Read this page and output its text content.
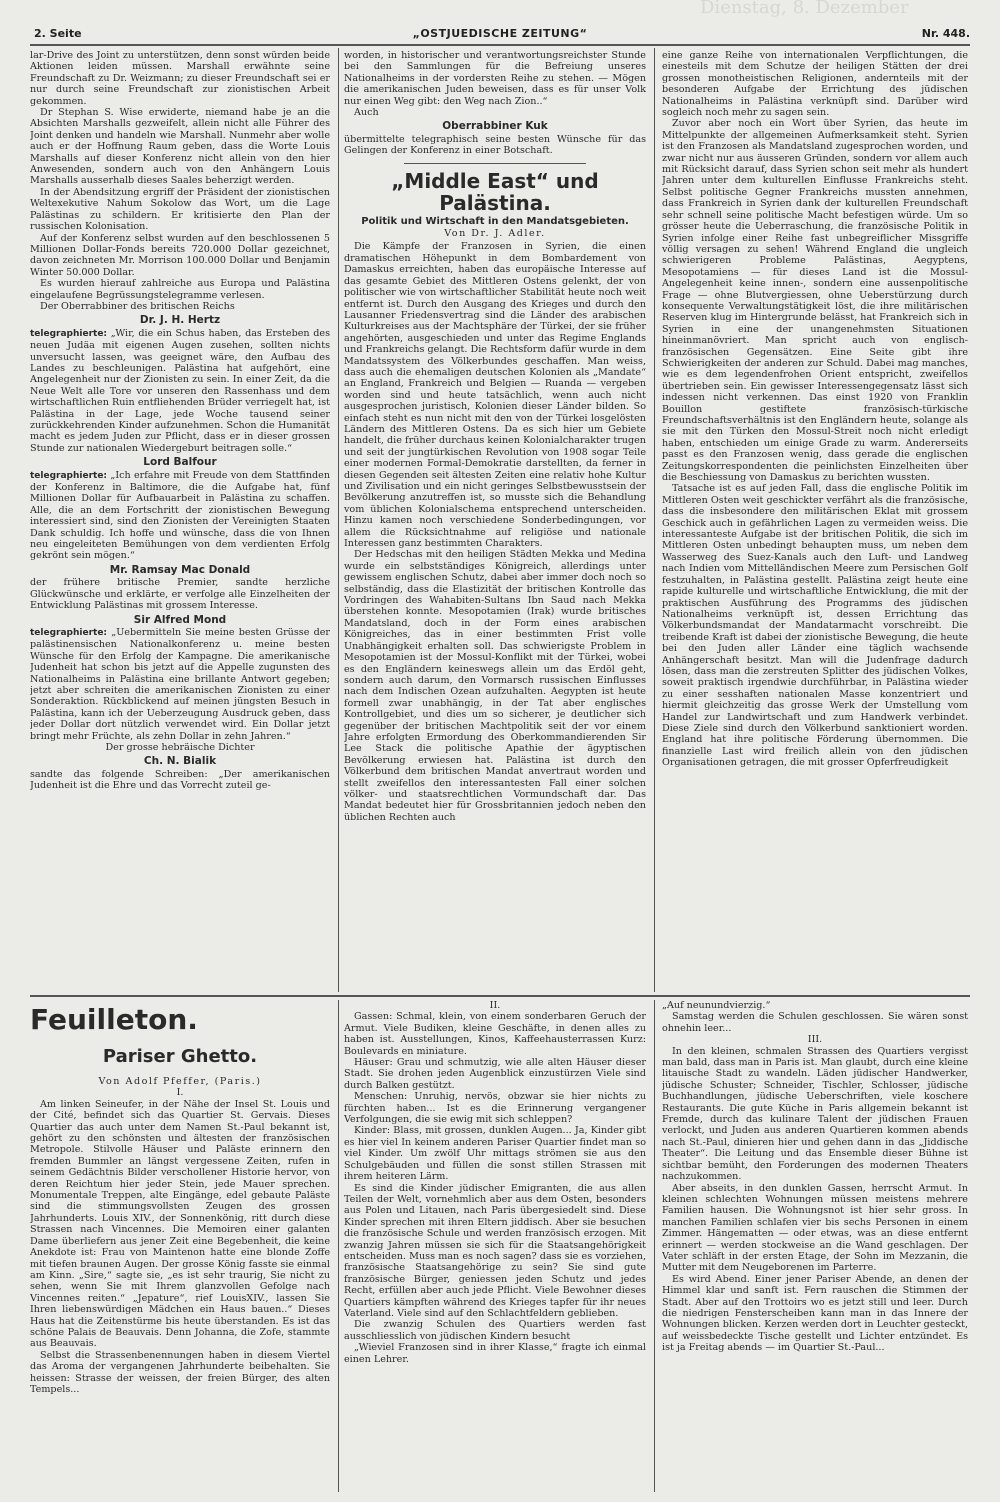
Dienstag, 8. Dezember
2. Seite	„OSTJUEDISCHE ZEITUNG“	Nr. 448.

lar-Drive des Joint zu unterstützen, denn sonst würden beide Aktionen leiden müssen. Marshall erwähnte seine Freundschaft zu Dr. Weizmann; zu dieser Freundschaft sei er nur durch seine Freundschaft zur zionistischen Arbeit gekommen.

Dr Stephan S. Wise erwiderte, niemand habe je an die Absichten Marshalls gezweifelt, allein nicht alle Führer des Joint denken und handeln wie Marshall. Nunmehr aber wolle auch er der Hoffnung Raum geben, dass die Worte Louis Marshalls auf dieser Konferenz nicht allein von den hier Anwesenden, sondern auch von den Anhängern Louis Marshalls ausserhalb dieses Saales beherzigt werden.

In der Abendsitzung ergriff der Präsident der zionistischen Weltexekutive Nahum Sokolow das Wort, um die Lage Palästinas zu schildern. Er kritisierte den Plan der russischen Kolonisation.

Auf der Konferenz selbst wurden auf den beschlossenen 5 Millionen Dollar-Fonds bereits 720.000 Dollar gezeichnet, davon zeichneten Mr. Morrison 100.000 Dollar und Benjamin Winter 50.000 Dollar.

Es wurden hierauf zahlreiche aus Europa und Palästina eingelaufene Begrüssungstelegramme verlesen.

Der Oberrabbiner des britischen Reichs

Dr. J. H. Hertz

telegraphierte: „Wir, die ein Schus haben, das Ersteben des neuen Judäa mit eigenen Augen zusehen, sollten nichts unversucht lassen, was geeignet wäre, den Aufbau des Landes zu beschleunigen. Palästina hat aufgehört, eine Angelegenheit nur der Zionisten zu sein. In einer Zeit, da die Neue Welt alle Tore vor unseren den Rassenhass und dem wirtschaftlichen Ruin entfliehenden Brüder verriegelt hat, ist Palästina in der Lage, jede Woche tausend seiner zurückkehrenden Kinder aufzunehmen. Schon die Humanität macht es jedem Juden zur Pflicht, dass er in dieser grossen Stunde zur nationalen Wiedergeburt beitragen solle.“

Lord Balfour

telegraphierte: „Ich erfahre mit Freude von dem Stattfinden der Konferenz in Baltimore, die die Aufgabe hat, fünf Millionen Dollar für Aufbauarbeit in Palästina zu schaffen. Alle, die an dem Fortschritt der zionistischen Bewegung interessiert sind, sind den Zionisten der Vereinigten Staaten Dank schuldig. Ich hoffe und wünsche, dass die von Ihnen neu eingeleiteten Bemühungen von dem verdienten Erfolg gekrönt sein mögen.“

Mr. Ramsay Mac Donald

der frühere britische Premier, sandte herzliche Glückwünsche und erklärte, er verfolge alle Einzelheiten der Entwicklung Palästinas mit grossem Interesse.

Sir Alfred Mond

telegraphierte: „Uebermitteln Sie meine besten Grüsse der palästinensischen Nationalkonferenz u. meine besten Wünsche für den Erfolg der Kampagne. Die amerikanische Judenheit hat schon bis jetzt auf die Appelle zugunsten des Nationalheims in Palästina eine brillante Antwort gegeben; jetzt aber schreiten die amerikanischen Zionisten zu einer Sonderaktion. Rückblickend auf meinen jüngsten Besuch in Palästina, kann ich der Ueberzeugung Ausdruck geben, dass jeder Dollar dort nützlich verwendet wird. Ein Dollar jetzt bringt mehr Früchte, als zehn Dollar in zehn Jahren.“

Der grosse hebräische Dichter

Ch. N. Bialik

sandte das folgende Schreiben: „Der amerikanischen Judenheit ist die Ehre und das Vorrecht zuteil ge-

worden, in historischer und verantwortungsreichster Stunde bei den Sammlungen für die Befreiung unseres Nationalheims in der vordersten Reihe zu stehen. — Mögen die amerikanischen Juden beweisen, dass es für unser Volk nur einen Weg gibt: den Weg nach Zion..“

Auch

Oberrabbiner Kuk

übermittelte telegraphisch seine besten Wünsche für das Gelingen der Konferenz in einer Botschaft.

„Middle East“ und Palästina.
Politik und Wirtschaft in den Mandatsgebieten.
Von Dr. J. Adler.

Die Kämpfe der Franzosen in Syrien, die einen dramatischen Höhepunkt in dem Bombardement von Damaskus erreichten, haben das europäische Interesse auf das gesamte Gebiet des Mittleren Ostens gelenkt, der von politischer wie von wirtschaftlicher Stabilität heute noch weit entfernt ist. Durch den Ausgang des Krieges und durch den Lausanner Friedensvertrag sind die Länder des arabischen Kulturkreises aus der Machtsphäre der Türkei, der sie früher angehörten, ausgeschieden und unter das Regime Englands und Frankreichs gelangt. Die Rechtsform dafür wurde in dem Mandatssystem des Völkerbundes geschaffen. Man weiss, dass auch die ehemaligen deutschen Kolonien als „Mandate“ an England, Frankreich und Belgien — Ruanda — vergeben worden sind und heute tatsächlich, wenn auch nicht ausgesprochen juristisch, Kolonien dieser Länder bilden. So einfach steht es nun nicht mit den von der Türkei losgelösten Ländern des Mittleren Ostens. Da es sich hier um Gebiete handelt, die früher durchaus keinen Kolonialcharakter trugen und seit der jungtürkischen Revolution von 1908 sogar Teile einer modernen Formal-Demokratie darstellten, da ferner in diesen Gegenden seit ältesten Zeiten eine relativ hohe Kultur und Zivilisation und ein nicht geringes Selbstbewusstsein der Bevölkerung anzutreffen ist, so musste sich die Behandlung vom üblichen Kolonialschema entsprechend unterscheiden. Hinzu kamen noch verschiedene Sonderbedingungen, vor allem die Rücksichtnahme auf religiöse und nationale Interessen ganz bestimmten Charakters.

Der Hedschas mit den heiligen Städten Mekka und Medina wurde ein selbstständiges Königreich, allerdings unter gewissem englischen Schutz, dabei aber immer doch noch so selbständig, dass die Elastizität der britischen Kontrolle das Vordringen des Wahabiten-Sultans Ibn Saud nach Mekka überstehen konnte. Mesopotamien (Irak) wurde britisches Mandatsland, doch in der Form eines arabischen Königreiches, das in einer bestimmten Frist volle Unabhängigkeit erhalten soll. Das schwierigste Problem in Mesopotamien ist der Mossul-Konflikt mit der Türkei, wobei es den Engländern keineswegs allein um das Erdöl geht, sondern auch darum, den Vormarsch russischen Einflusses nach dem Indischen Ozean aufzuhalten. Aegypten ist heute formell zwar unabhängig, in der Tat aber englisches Kontrollgebiet, und dies um so sicherer, je deutlicher sich gegenüber der britischen Machtpolitik seit der vor einem Jahre erfolgten Ermordung des Oberkommandierenden Sir Lee Stack die politische Apathie der ägyptischen Bevölkerung erwiesen hat. Palästina ist durch den Völkerbund dem britischen Mandat anvertraut worden und stellt zweifellos den interessantesten Fall einer solchen völker- und staatsrechtlichen Vormundschaft dar. Das Mandat bedeutet hier für Grossbritannien jedoch neben den üblichen Rechten auch

eine ganze Reihe von internationalen Verpflichtungen, die einesteils mit dem Schutze der heiligen Stätten der drei grossen monotheistischen Religionen, andernteils mit der besonderen Aufgabe der Errichtung des jüdischen Nationalheims in Palästina verknüpft sind. Darüber wird sogleich noch mehr zu sagen sein.

Zuvor aber noch ein Wort über Syrien, das heute im Mittelpunkte der allgemeinen Aufmerksamkeit steht. Syrien ist den Franzosen als Mandatsland zugesprochen worden, und zwar nicht nur aus äusseren Gründen, sondern vor allem auch mit Rücksicht darauf, dass Syrien schon seit mehr als hundert Jahren unter dem kulturellen Einflusse Frankreichs steht. Selbst politische Gegner Frankreichs mussten annehmen, dass Frankreich in Syrien dank der kulturellen Freundschaft sehr schnell seine politische Macht befestigen würde. Um so grösser heute die Ueberraschung, die französische Politik in Syrien infolge einer Reihe fast unbegreiflicher Missgriffe völlig versagen zu sehen! Während England die ungleich schwierigeren Probleme Palästinas, Aegyptens, Mesopotamiens — für dieses Land ist die Mossul-Angelegenheit keine innen-, sondern eine aussenpolitische Frage — ohne Blutvergiessen, ohne Ueberstürzung durch konsequente Verwaltungstätigkeit löst, die ihre militärischen Reserven klug im Hintergrunde belässt, hat Frankreich sich in Syrien in eine der unangenehmsten Situationen hineinmanövriert. Man spricht auch von englisch-französischen Gegensätzen. Eine Seite gibt ihre Schwierigkeiten der anderen zur Schuld. Dabei mag manches, wie es dem legendenfrohen Orient entspricht, zweifellos übertrieben sein. Ein gewisser Interessengegensatz lässt sich indessen nicht verkennen. Das einst 1920 von Franklin Bouillon gestiftete französisch-türkische Freundschaftsverhältnis ist den Engländern heute, solange als sie mit den Türken den Mossul-Streit noch nicht erledigt haben, entschieden um einige Grade zu warm. Andererseits passt es den Franzosen wenig, dass gerade die englischen Zeitungskorrespondenten die peinlichsten Einzelheiten über die Beschiessung von Damaskus zu berichten wussten.

Tatsache ist es auf jeden Fall, dass die englische Politik im Mittleren Osten weit geschickter verfährt als die französische, dass die insbesondere den militärischen Eklat mit grossem Geschick auch in gefährlichen Lagen zu vermeiden weiss. Die interessanteste Aufgabe ist der britischen Politik, die sich im Mittleren Osten unbedingt behaupten muss, um neben dem Wasserweg des Suez-Kanals auch den Luft- und Landweg nach Indien vom Mittelländischen Meere zum Persischen Golf festzuhalten, in Palästina gestellt. Palästina zeigt heute eine rapide kulturelle und wirtschaftliche Entwicklung, die mit der praktischen Ausführung des Programms des jüdischen Nationalheims verknüpft ist, dessen Errichtung das Völkerbundsmandat der Mandatarmacht vorschreibt. Die treibende Kraft ist dabei der zionistische Bewegung, die heute bei den Juden aller Länder eine täglich wachsende Anhängerschaft besitzt. Man will die Judenfrage dadurch lösen, dass man die zerstreuten Splitter des jüdischen Volkes, soweit praktisch irgendwie durchführbar, in Palästina wieder zu einer sesshaften nationalen Masse konzentriert und hiermit gleichzeitig das grosse Werk der Umstellung vom Handel zur Landwirtschaft und zum Handwerk verbindet. Diese Ziele sind durch den Völkerbund sanktioniert worden. England hat ihre politische Förderung übernommen. Die finanzielle Last wird freilich allein von den jüdischen Organisationen getragen, die mit grosser Opferfreudigkeit

Feuilleton.
Pariser Ghetto.

Von Adolf Pfeffer, (Paris.)

I.

Am linken Seineufer, in der Nähe der Insel St. Louis und der Cité, befindet sich das Quartier St. Gervais. Dieses Quartier das auch unter dem Namen St.-Paul bekannt ist, gehört zu den schönsten und ältesten der französischen Metropole. Stilvolle Häuser und Paläste erinnern den fremden Bummler an längst vergessene Zeiten, rufen in seinem Gedächtnis Bilder verschollener Historie hervor, von deren Reichtum hier jeder Stein, jede Mauer sprechen. Monumentale Treppen, alte Eingänge, edel gebaute Paläste sind die stimmungsvollsten Zeugen des grossen Jahrhunderts. Louis XIV., der Sonnenkönig, ritt durch diese Strassen nach Vincennes. Die Memoiren einer galanten Dame überliefern aus jener Zeit eine Begebenheit, die keine Anekdote ist: Frau von Maintenon hatte eine blonde Zoffe mit tiefen braunen Augen. Der grosse König fasste sie einmal am Kinn. „Sire,“ sagte sie, „es ist sehr traurig, Sie nicht zu sehen, wenn Sie mit Ihrem glanzvollen Gefolge nach Vincennes reiten.“ „Jepature“, rief LouisXIV., lassen Sie Ihren liebenswürdigen Mädchen ein Haus bauen..“ Dieses Haus hat die Zeitenstürme bis heute überstanden. Es ist das schöne Palais de Beauvais. Denn Johanna, die Zofe, stammte aus Beauvais.

Selbst die Strassenbenennungen haben in diesem Viertel das Aroma der vergangenen Jahrhunderte beibehalten. Sie heissen: Strasse der weissen, der freien Bürger, des alten Tempels...

II.

Gassen: Schmal, klein, von einem sonderbaren Geruch der Armut. Viele Budiken, kleine Geschäfte, in denen alles zu haben ist. Ausstellungen, Kinos, Kaffeehausterrassen Kurz: Boulevards en miniature.

Häuser: Grau und schmutzig, wie alle alten Häuser dieser Stadt. Sie drohen jeden Augenblick einzustürzen Viele sind durch Balken gestützt.

Menschen: Unruhig, nervös, obzwar sie hier nichts zu fürchten haben... Ist es die Erinnerung vergangener Verfolgungen, die sie ewig mit sich schleppen?

Kinder: Blass, mit grossen, dunklen Augen... Ja, Kinder gibt es hier viel In keinem anderen Pariser Quartier findet man so viel Kinder. Um zwölf Uhr mittags strömen sie aus den Schulgebäuden und füllen die sonst stillen Strassen mit ihrem heiteren Lärm.

Es sind die Kinder jüdischer Emigranten, die aus allen Teilen der Welt, vornehmlich aber aus dem Osten, besonders aus Polen und Litauen, nach Paris übergesiedelt sind. Diese Kinder sprechen mit ihren Eltern jiddisch. Aber sie besuchen die französische Schule und werden französisch erzogen. Mit zwanzig Jahren müssen sie sich für die Staatsangehörigkeit entscheiden. Muss man es noch sagen? dass sie es vorziehen, französische Staatsangehörige zu sein? Sie sind gute französische Bürger, geniessen jeden Schutz und jedes Recht, erfüllen aber auch jede Pflicht. Viele Bewohner dieses Quartiers kämpften während des Krieges tapfer für ihr neues Vaterland. Viele sind auf den Schlachtfeldern geblieben.

Die zwanzig Schulen des Quartiers werden fast ausschliesslich von jüdischen Kindern besucht

„Wieviel Franzosen sind in ihrer Klasse,“ fragte ich einmal einen Lehrer.

„Auf neunundvierzig.“

Samstag werden die Schulen geschlossen. Sie wären sonst ohnehin leer...

III.

In den kleinen, schmalen Strassen des Quartiers vergisst man bald, dass man in Paris ist. Man glaubt, durch eine kleine litauische Stadt zu wandeln. Läden jüdischer Handwerker, jüdische Schuster; Schneider, Tischler, Schlosser, jüdische Buchhandlungen, jüdische Ueberschriften, viele koschere Restaurants. Die gute Küche in Paris allgemein bekannt ist Fremde, durch das kulinare Talent der jüdischen Frauen verlockt, und Juden aus anderen Quartieren kommen abends nach St.-Paul, dinieren hier und gehen dann in das „Jiddische Theater“. Die Leitung und das Ensemble dieser Bühne ist sichtbar bemüht, den Forderungen des modernen Theaters nachzukommen.

Aber abseits, in den dunklen Gassen, herrscht Armut. In kleinen schlechten Wohnungen müssen meistens mehrere Familien hausen. Die Wohnungsnot ist hier sehr gross. In manchen Familien schlafen vier bis sechs Personen in einem Zimmer. Hängematten — oder etwas, was an diese entfernt erinnert — werden stockweise an die Wand geschlagen. Der Vater schläft in der ersten Etage, der Sohn im Mezzanin, die Mutter mit dem Neugeborenen im Parterre.

Es wird Abend. Einer jener Pariser Abende, an denen der Himmel klar und sanft ist. Fern rauschen die Stimmen der Stadt. Aber auf den Trottoirs wo es jetzt still und leer. Durch die niedrigen Fensterscheiben kann man in das Innere der Wohnungen blicken. Kerzen werden dort in Leuchter gesteckt, auf weissbedeckte Tische gestellt und Lichter entzündet. Es ist ja Freitag abends — im Quartier St.-Paul...
